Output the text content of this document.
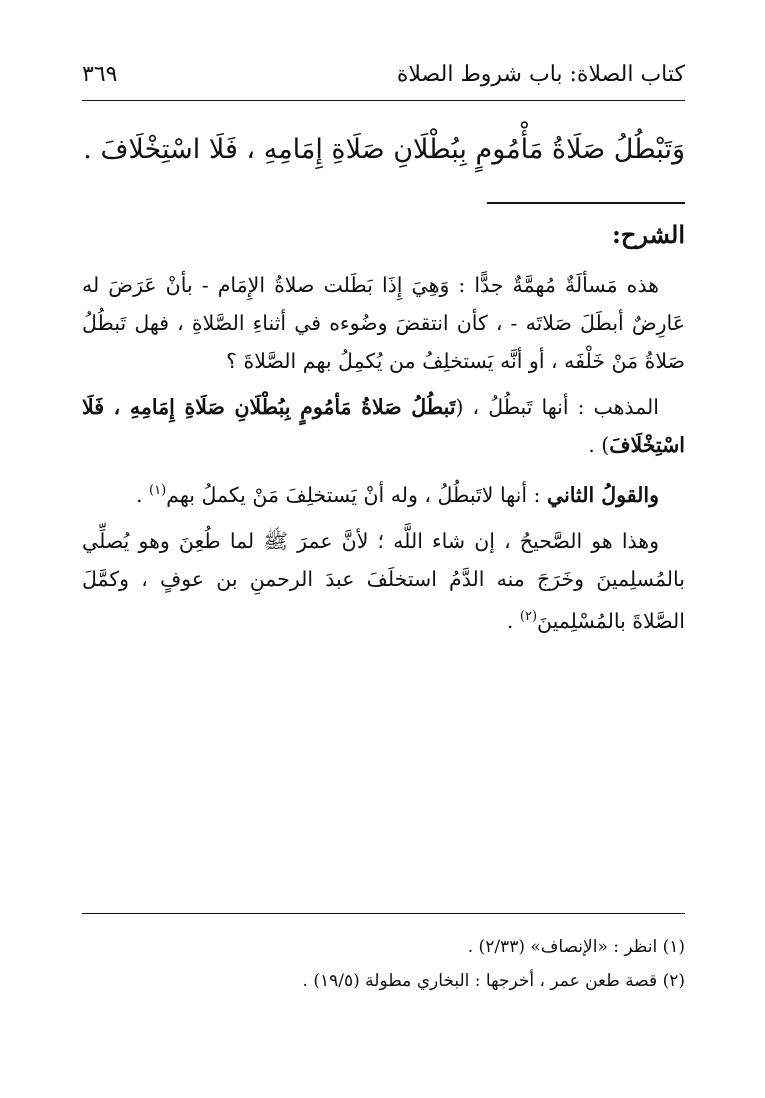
كتاب الصلاة: باب شروط الصلاة
٣٦٩
وَتَبْطُلُ صَلَاةُ مَأْمُومٍ بِبُطْلَانِ صَلَاةِ إِمَامِهِ ، فَلَا اسْتِخْلَافَ .
الشرح:

هذه مَسألَةٌ مُهمَّةٌ جدًّا : وَهِيَ إِذَا بَطَلت صلاةُ الإِمَام - بأنْ عَرَضَ له عَارِضٌ أبطَلَ صَلاتَه - ، كأن انتقضَ وضُوءه في أثناءِ الصَّلاةِ ، فهل تَبطُلُ صَلاةُ مَنْ خَلْفَه ، أو أنَّه يَستخلِفُ من يُكمِلُ بهم الصَّلاةَ ؟

المذهب : أنها تَبطُلُ ، (تَبطُلُ صَلاةُ مَأمُومٍ بِبُطْلَانِ صَلَاةِ إِمَامِهِ ، فَلَا اسْتِخْلَافَ) .

والقولُ الثاني : أنها لاتَبطُلُ ، وله أنْ يَستخلِفَ مَنْ يكملُ بهم$^{(١)}$ .

وهذا هو الصَّحيحُ ، إن شاء اللَّه ؛ لأنَّ عمرَ ﷺ لما طُعِنَ وهو يُصلِّي بالمُسلِمينَ وخَرَجَ منه الدَّمُ استخلَفَ عبدَ الرحمنِ بن عوفٍ ، وكمَّلَ الصَّلاةَ بالمُسْلِمينَ$^{(٢)}$ .

(١) انظر : «الإنصاف» (٢/٣٣) .
(٢) قصة طعن عمر ، أخرجها : البخاري مطولة (١٩/٥) .
